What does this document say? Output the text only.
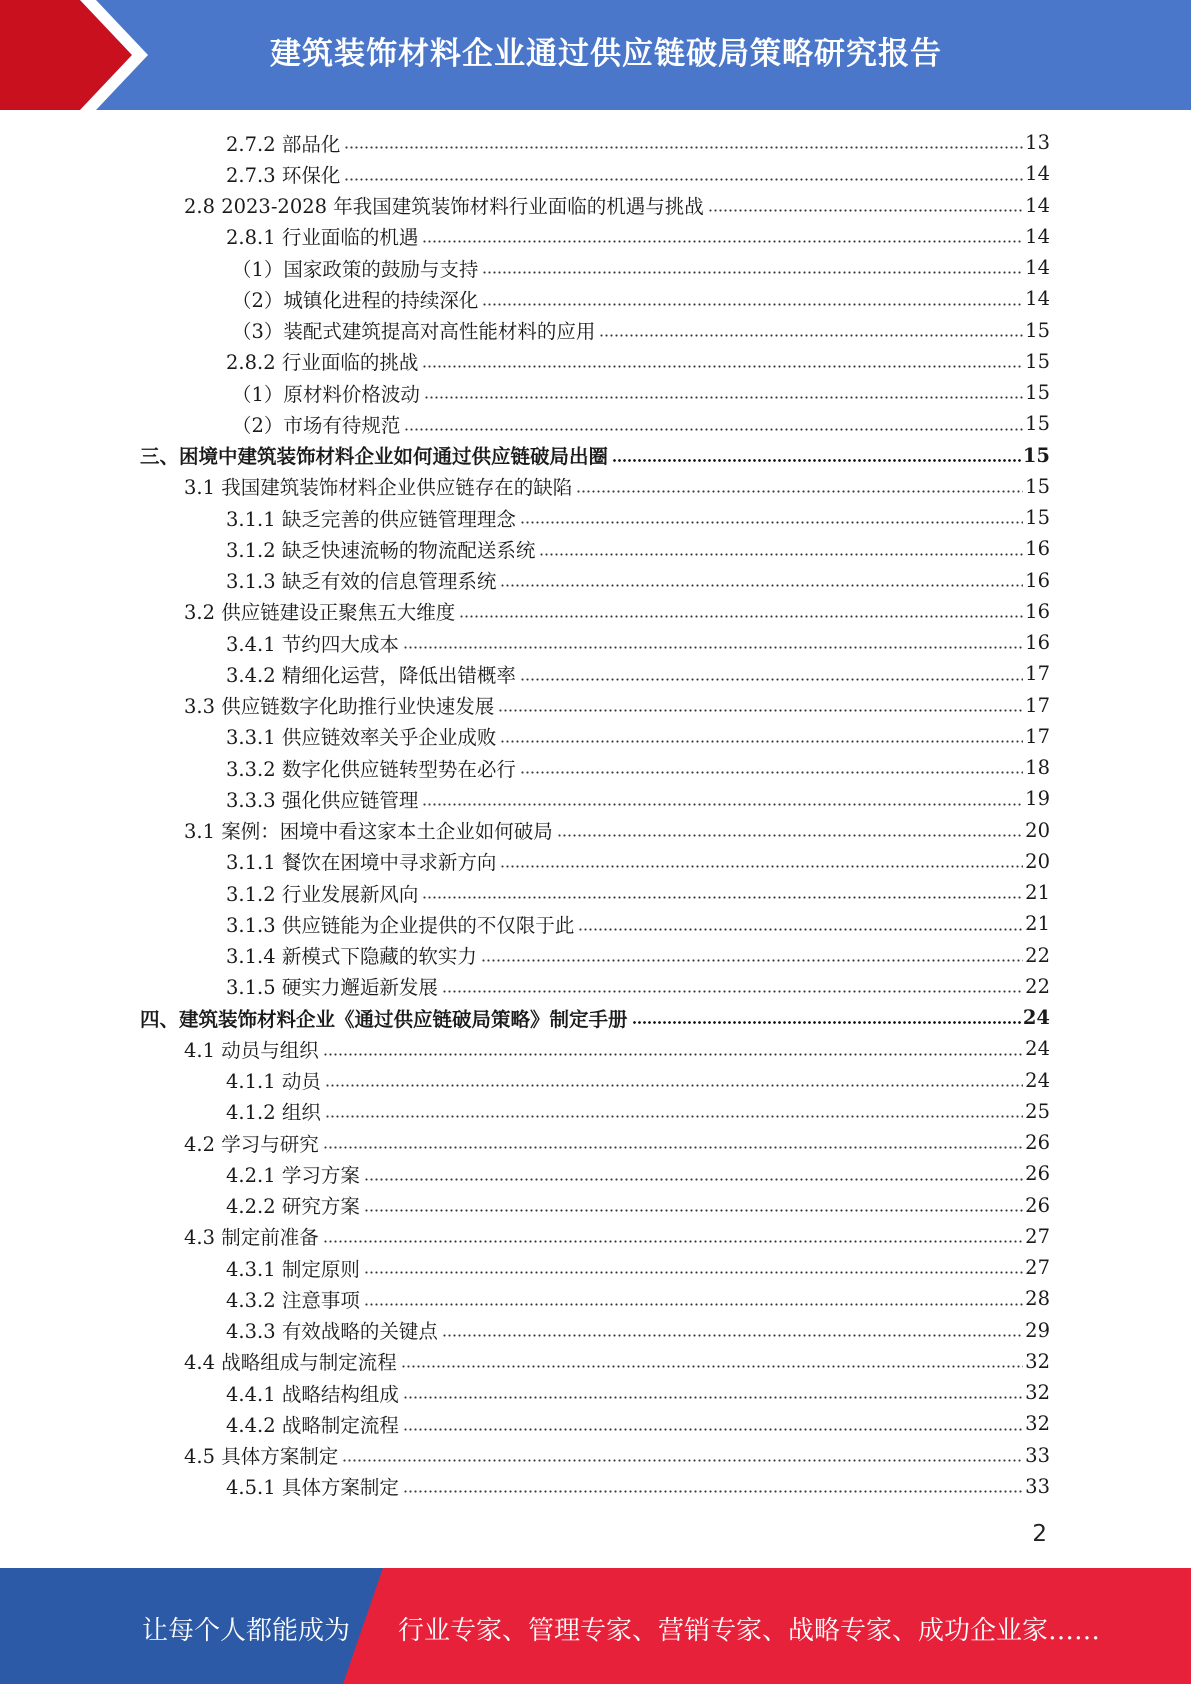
建筑装饰材料企业通过供应链破局策略研究报告
2.7.2 部品化	13
2.7.3 环保化	14
2.8 2023-2028 年我国建筑装饰材料行业面临的机遇与挑战	14
2.8.1 行业面临的机遇	14
（1）国家政策的鼓励与支持	14
（2）城镇化进程的持续深化	14
（3）装配式建筑提高对高性能材料的应用	15
2.8.2 行业面临的挑战	15
（1）原材料价格波动	15
（2）市场有待规范	15
三、困境中建筑装饰材料企业如何通过供应链破局出圈	15
3.1 我国建筑装饰材料企业供应链存在的缺陷	15
3.1.1 缺乏完善的供应链管理理念	15
3.1.2 缺乏快速流畅的物流配送系统	16
3.1.3 缺乏有效的信息管理系统	16
3.2 供应链建设正聚焦五大维度	16
3.4.1 节约四大成本	16
3.4.2 精细化运营，降低出错概率	17
3.3 供应链数字化助推行业快速发展	17
3.3.1 供应链效率关乎企业成败	17
3.3.2 数字化供应链转型势在必行	18
3.3.3 强化供应链管理	19
3.1 案例：困境中看这家本土企业如何破局	20
3.1.1 餐饮在困境中寻求新方向	20
3.1.2 行业发展新风向	21
3.1.3 供应链能为企业提供的不仅限于此	21
3.1.4 新模式下隐藏的软实力	22
3.1.5 硬实力邂逅新发展	22
四、建筑装饰材料企业《通过供应链破局策略》制定手册	24
4.1 动员与组织	24
4.1.1 动员	24
4.1.2 组织	25
4.2 学习与研究	26
4.2.1 学习方案	26
4.2.2 研究方案	26
4.3 制定前准备	27
4.3.1 制定原则	27
4.3.2 注意事项	28
4.3.3 有效战略的关键点	29
4.4 战略组成与制定流程	32
4.4.1 战略结构组成	32
4.4.2 战略制定流程	32
4.5 具体方案制定	33
4.5.1 具体方案制定	33
2
让每个人都能成为 行业专家、管理专家、营销专家、战略专家、成功企业家……
